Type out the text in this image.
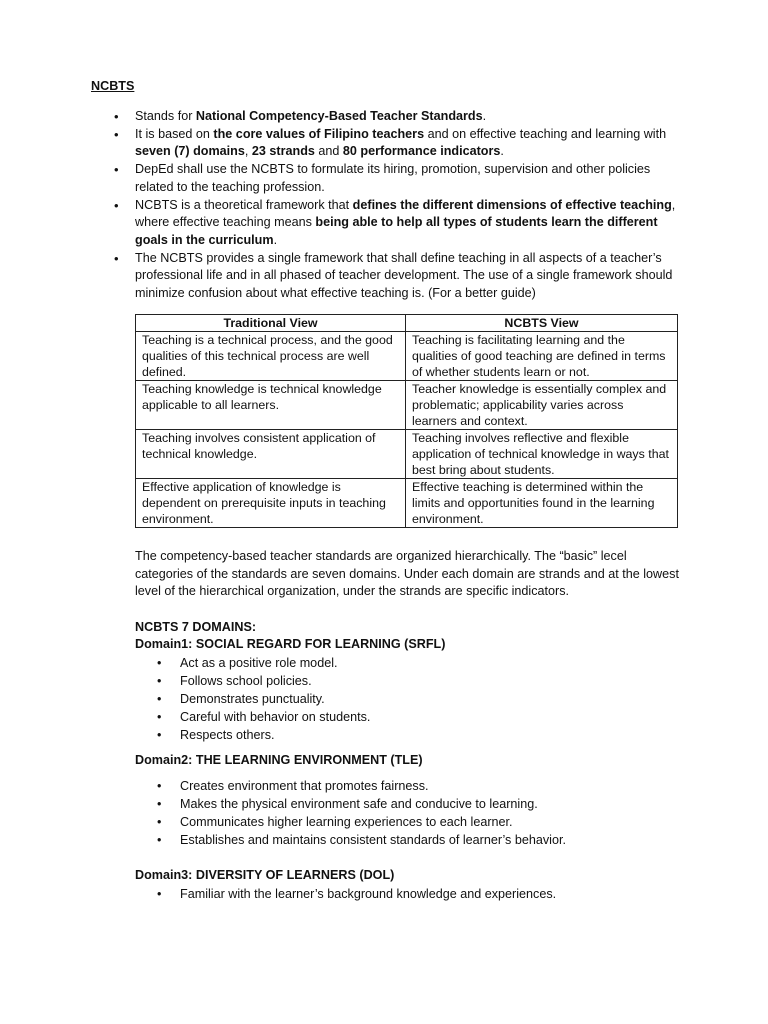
NCBTS
• Stands for National Competency-Based Teacher Standards.
• It is based on the core values of Filipino teachers and on effective teaching and learning with seven (7) domains, 23 strands and 80 performance indicators.
• DepEd shall use the NCBTS to formulate its hiring, promotion, supervision and other policies related to the teaching profession.
• NCBTS is a theoretical framework that defines the different dimensions of effective teaching, where effective teaching means being able to help all types of students learn the different goals in the curriculum.
• The NCBTS provides a single framework that shall define teaching in all aspects of a teacher’s professional life and in all phased of teacher development. The use of a single framework should minimize confusion about what effective teaching is. (For a better guide)
Traditional View	NCBTS View
Teaching is a technical process, and the good qualities of this technical process are well defined.	Teaching is facilitating learning and the qualities of good teaching are defined in terms of whether students learn or not.
Teaching knowledge is technical knowledge applicable to all learners.	Teacher knowledge is essentially complex and problematic; applicability varies across learners and context.
Teaching involves consistent application of technical knowledge.	Teaching involves reflective and flexible application of technical knowledge in ways that best bring about students.
Effective application of knowledge is dependent on prerequisite inputs in teaching environment.	Effective teaching is determined within the limits and opportunities found in the learning environment.
The competency-based teacher standards are organized hierarchically. The “basic” lecel categories of the standards are seven domains. Under each domain are strands and at the lowest level of the hierarchical organization, under the strands are specific indicators.
NCBTS 7 DOMAINS:
Domain1: SOCIAL REGARD FOR LEARNING (SRFL)
• Act as a positive role model.
• Follows school policies.
• Demonstrates punctuality.
• Careful with behavior on students.
• Respects others.
Domain2: THE LEARNING ENVIRONMENT (TLE)
• Creates environment that promotes fairness.
• Makes the physical environment safe and conducive to learning.
• Communicates higher learning experiences to each learner.
• Establishes and maintains consistent standards of learner’s behavior.
Domain3: DIVERSITY OF LEARNERS (DOL)
• Familiar with the learner’s background knowledge and experiences.
